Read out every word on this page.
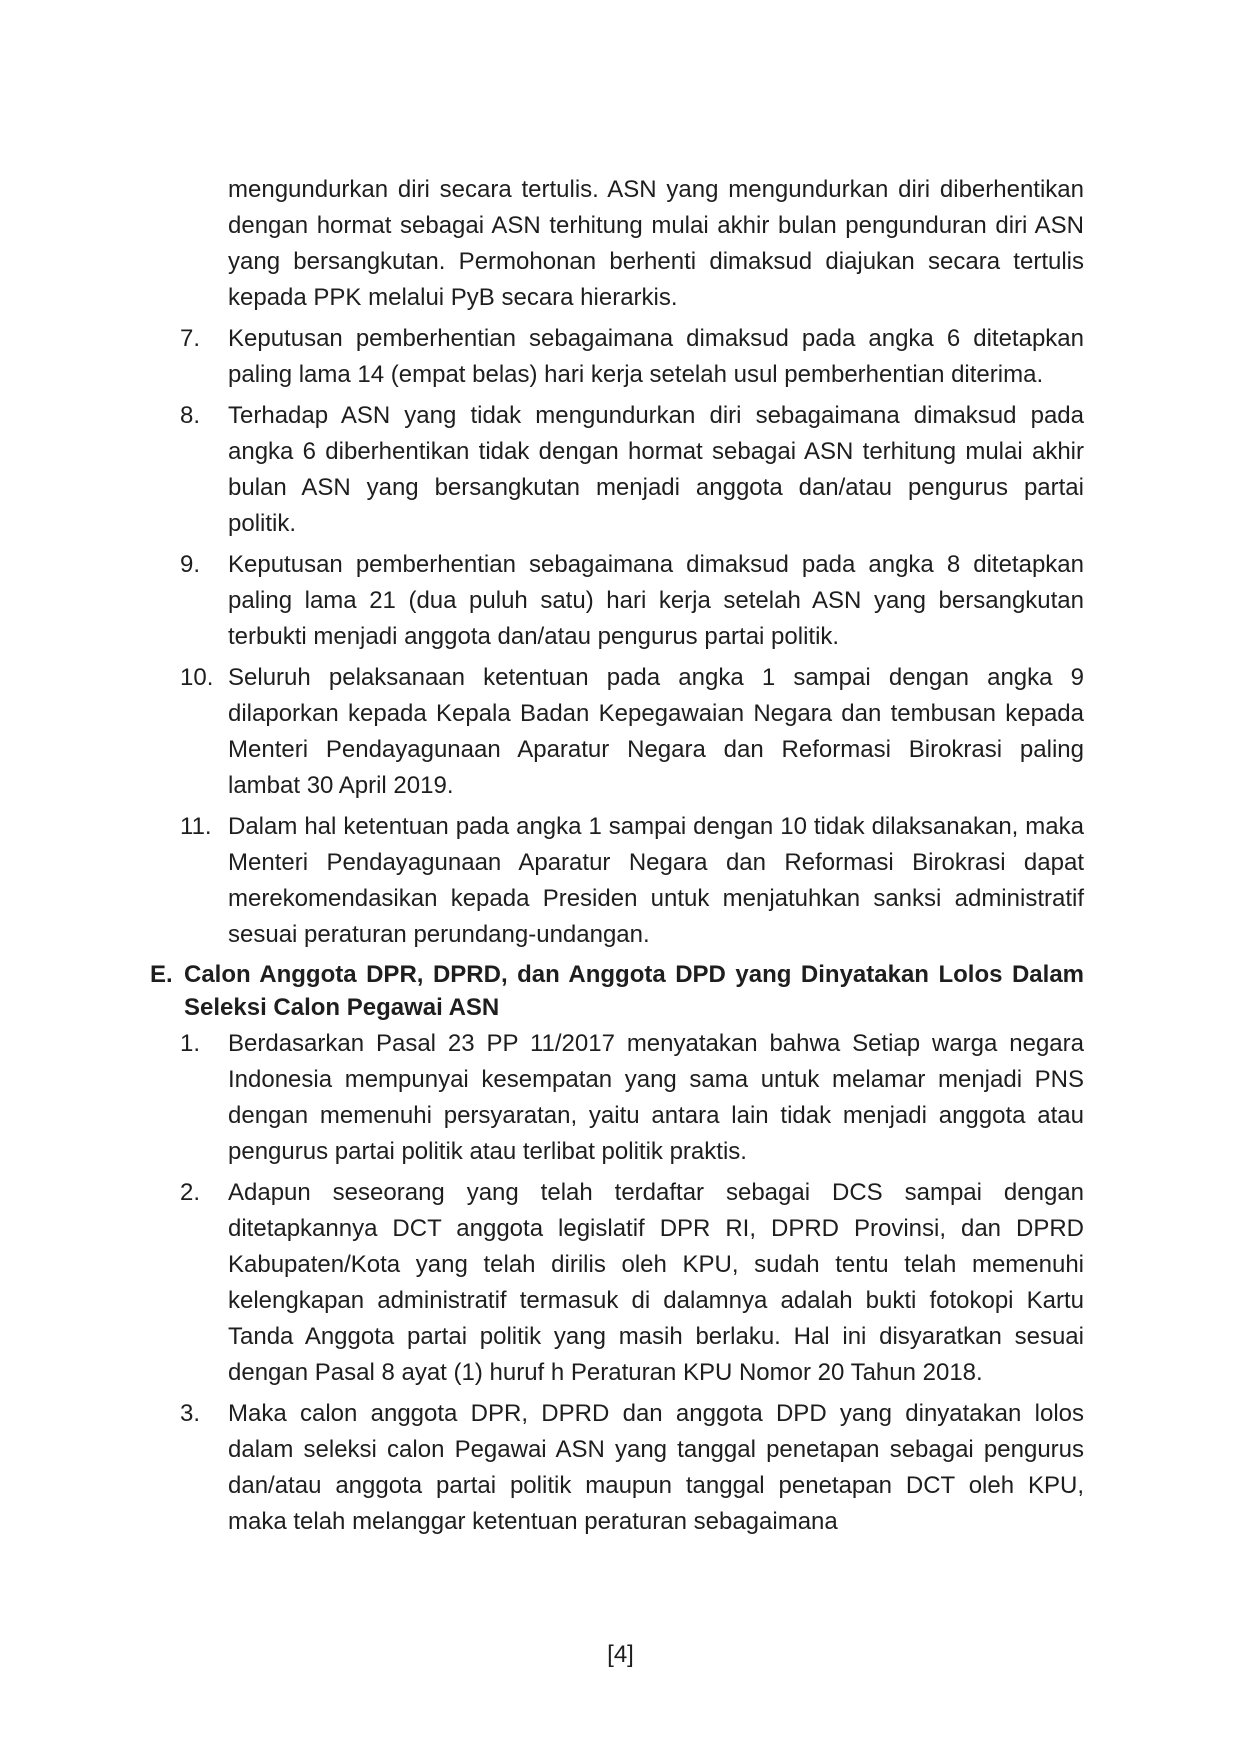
mengundurkan diri secara tertulis. ASN yang mengundurkan diri diberhentikan dengan hormat sebagai ASN terhitung mulai akhir bulan pengunduran diri ASN yang bersangkutan. Permohonan berhenti dimaksud diajukan secara tertulis kepada PPK melalui PyB secara hierarkis.

7.	Keputusan pemberhentian sebagaimana dimaksud pada angka 6 ditetapkan paling lama 14 (empat belas) hari kerja setelah usul pemberhentian diterima.
8.	Terhadap ASN yang tidak mengundurkan diri sebagaimana dimaksud pada angka 6 diberhentikan tidak dengan hormat sebagai ASN terhitung mulai akhir bulan ASN yang bersangkutan menjadi anggota dan/atau pengurus partai politik.
9.	Keputusan pemberhentian sebagaimana dimaksud pada angka 8 ditetapkan paling lama 21 (dua puluh satu) hari kerja setelah ASN yang bersangkutan terbukti menjadi anggota dan/atau pengurus partai politik.
10. Seluruh pelaksanaan ketentuan pada angka 1 sampai dengan angka 9 dilaporkan kepada Kepala Badan Kepegawaian Negara dan tembusan kepada Menteri Pendayagunaan Aparatur Negara dan Reformasi Birokrasi paling lambat 30 April 2019.
11. Dalam hal ketentuan pada angka 1 sampai dengan 10 tidak dilaksanakan, maka Menteri Pendayagunaan Aparatur Negara dan Reformasi Birokrasi dapat merekomendasikan kepada Presiden untuk menjatuhkan sanksi administratif sesuai peraturan perundang-undangan.
E. Calon Anggota DPR, DPRD, dan Anggota DPD yang Dinyatakan Lolos Dalam Seleksi Calon Pegawai ASN
1.	Berdasarkan Pasal 23 PP 11/2017 menyatakan bahwa Setiap warga negara Indonesia mempunyai kesempatan yang sama untuk melamar menjadi PNS dengan memenuhi persyaratan, yaitu antara lain tidak menjadi anggota atau pengurus partai politik atau terlibat politik praktis.
2.	Adapun seseorang yang telah terdaftar sebagai DCS sampai dengan ditetapkannya DCT anggota legislatif DPR RI, DPRD Provinsi, dan DPRD Kabupaten/Kota yang telah dirilis oleh KPU, sudah tentu telah memenuhi kelengkapan administratif termasuk di dalamnya adalah bukti fotokopi Kartu Tanda Anggota partai politik yang masih berlaku. Hal ini disyaratkan sesuai dengan Pasal 8 ayat (1) huruf h Peraturan KPU Nomor 20 Tahun 2018.
3.	Maka calon anggota DPR, DPRD dan anggota DPD yang dinyatakan lolos dalam seleksi calon Pegawai ASN yang tanggal penetapan sebagai pengurus dan/atau anggota partai politik maupun tanggal penetapan DCT oleh KPU, maka telah melanggar ketentuan peraturan sebagaimana
[4]
